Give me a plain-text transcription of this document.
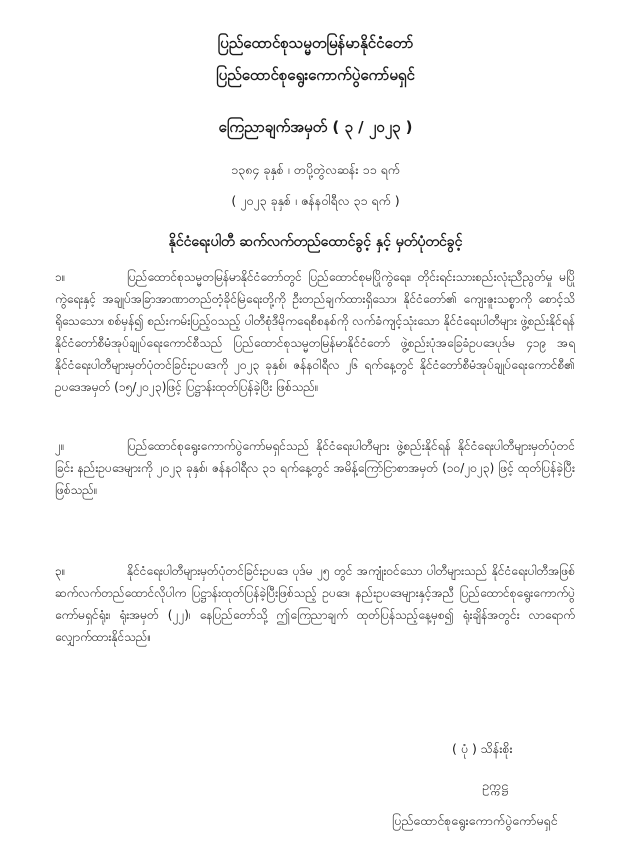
ပြည်ထောင်စုသမ္မတမြန်မာနိုင်ငံတော်
ပြည်ထောင်စုရွေးကောက်ပွဲကော်မရှင်
ကြေညာချက်အမှတ် ( ၃ / ၂၀၂၃ )
၁၃၈၄ ခုနှစ် ၊ တပို့တွဲလဆန်း ၁၁ ရက်
( ၂၀၂၃ ခုနှစ် ၊ ဇန်နဝါရီလ ၃၁ ရက် )
နိုင်ငံရေးပါတီ ဆက်လက်တည်ထောင်ခွင့် နှင့် မှတ်ပုံတင်ခွင့်
၁။	ပြည်ထောင်စုသမ္မတမြန်မာနိုင်ငံတော်တွင် ပြည်ထောင်စုမပြိုကွဲရေး၊ တိုင်းရင်းသားစည်းလုံးညီညွတ်မှု မပြိုကွဲရေးနှင့် အချုပ်အခြာအာဏာတည်တံ့ခိုင်မြဲရေးတို့ကို ဦးတည်ချက်ထားရှိသော၊ နိုင်ငံတော်၏ ကျေးဇူးသစ္စာကို စောင့်သိရိုသေသော၊ စစ်မှန်၍ စည်းကမ်းပြည့်ဝသည့် ပါတီစုံဒီမိုကရေစီစနစ်ကို လက်ခံကျင့်သုံးသော နိုင်ငံရေးပါတီများ ဖွဲ့စည်းနိုင်ရန် နိုင်ငံတော်စီမံအုပ်ချုပ်ရေးကောင်စီသည် ပြည်ထောင်စုသမ္မတမြန်မာနိုင်ငံတော် ဖွဲ့စည်းပုံအခြေခံဥပဒေပုဒ်မ ၄၁၉ အရ နိုင်ငံရေးပါတီများမှတ်ပုံတင်ခြင်းဥပဒေကို ၂၀၂၃ ခုနှစ်၊ ဇန်နဝါရီလ ၂၆ ရက်နေ့တွင် နိုင်ငံတော်စီမံအုပ်ချုပ်ရေးကောင်စီ၏ ဥပဒေအမှတ် (၁၅/၂၀၂၃)ဖြင့် ပြဋ္ဌာန်းထုတ်ပြန်ခဲ့ပြီး ဖြစ်သည်။
၂။	ပြည်ထောင်စုရွေးကောက်ပွဲကော်မရှင်သည် နိုင်ငံရေးပါတီများ ဖွဲ့စည်းနိုင်ရန် နိုင်ငံရေးပါတီများမှတ်ပုံတင်ခြင်း နည်းဥပဒေများကို ၂၀၂၃ ခုနှစ်၊ ဇန်နဝါရီလ ၃၁ ရက်နေ့တွင် အမိန့်ကြော်ငြာစာအမှတ် (၁၀/၂၀၂၃) ဖြင့် ထုတ်ပြန်ခဲ့ပြီး ဖြစ်သည်။
၃။	နိုင်ငံရေးပါတီများမှတ်ပုံတင်ခြင်းဥပဒေ ပုဒ်မ ၂၅ တွင် အကျုံးဝင်သော ပါတီများသည် နိုင်ငံရေးပါတီအဖြစ် ဆက်လက်တည်ထောင်လိုပါက ပြဋ္ဌာန်းထုတ်ပြန်ခဲ့ပြီးဖြစ်သည့် ဥပဒေ၊ နည်းဥပဒေများနှင့်အညီ ပြည်ထောင်စုရွေးကောက်ပွဲကော်မရှင်ရုံး၊ ရုံးအမှတ် (၂၂)၊ နေပြည်တော်သို့ ဤကြေညာချက် ထုတ်ပြန်သည့်နေ့မှစ၍ ရုံးချိန်အတွင်း လာရောက်လျှောက်ထားနိုင်သည်။
( ပုံ ) သိန်းစိုး
ဥက္ကဋ္ဌ
ပြည်ထောင်စုရွေးကောက်ပွဲကော်မရှင်
